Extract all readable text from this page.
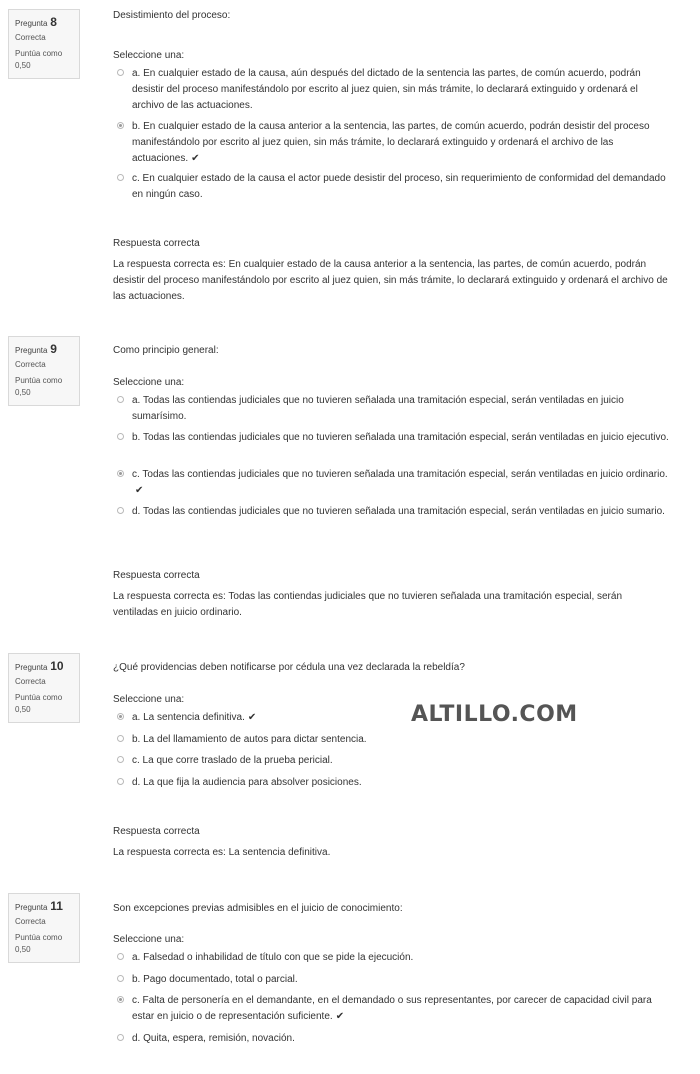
Pregunta 8
Correcta
Puntúa como 0,50
Desistimiento del proceso:
Seleccione una:
a. En cualquier estado de la causa, aún después del dictado de la sentencia las partes, de común acuerdo, podrán desistir del proceso manifestándolo por escrito al juez quien, sin más trámite, lo declarará extinguido y ordenará el archivo de las actuaciones.
b. En cualquier estado de la causa anterior a la sentencia, las partes, de común acuerdo, podrán desistir del proceso manifestándolo por escrito al juez quien, sin más trámite, lo declarará extinguido y ordenará el archivo de las actuaciones. ✔
c. En cualquier estado de la causa el actor puede desistir del proceso, sin requerimiento de conformidad del demandado en ningún caso.
Respuesta correcta
La respuesta correcta es: En cualquier estado de la causa anterior a la sentencia, las partes, de común acuerdo, podrán desistir del proceso manifestándolo por escrito al juez quien, sin más trámite, lo declarará extinguido y ordenará el archivo de las actuaciones.
Pregunta 9
Correcta
Puntúa como 0,50
Como principio general:
Seleccione una:
a. Todas las contiendas judiciales que no tuvieren señalada una tramitación especial, serán ventiladas en juicio sumarísimo.
b. Todas las contiendas judiciales que no tuvieren señalada una tramitación especial, serán ventiladas en juicio ejecutivo.
c. Todas las contiendas judiciales que no tuvieren señalada una tramitación especial, serán ventiladas en juicio ordinario.✔
d. Todas las contiendas judiciales que no tuvieren señalada una tramitación especial, serán ventiladas en juicio sumario.
Respuesta correcta
La respuesta correcta es: Todas las contiendas judiciales que no tuvieren señalada una tramitación especial, serán ventiladas en juicio ordinario.
Pregunta 10
Correcta
Puntúa como 0,50
¿Qué providencias deben notificarse por cédula una vez declarada la rebeldía?
Seleccione una:
a. La sentencia definitiva. ✔
b. La del llamamiento de autos para dictar sentencia.
c. La que corre traslado de la prueba pericial.
d. La que fija la audiencia para absolver posiciones.
Respuesta correcta
La respuesta correcta es: La sentencia definitiva.
Pregunta 11
Correcta
Puntúa como 0,50
Son excepciones previas admisibles en el juicio de conocimiento:
Seleccione una:
a. Falsedad o inhabilidad de título con que se pide la ejecución.
b. Pago documentado, total o parcial.
c. Falta de personería en el demandante, en el demandado o sus representantes, por carecer de capacidad civil para estar en juicio o de representación suficiente. ✔
d. Quita, espera, remisión, novación.
ALTILLO.COM
